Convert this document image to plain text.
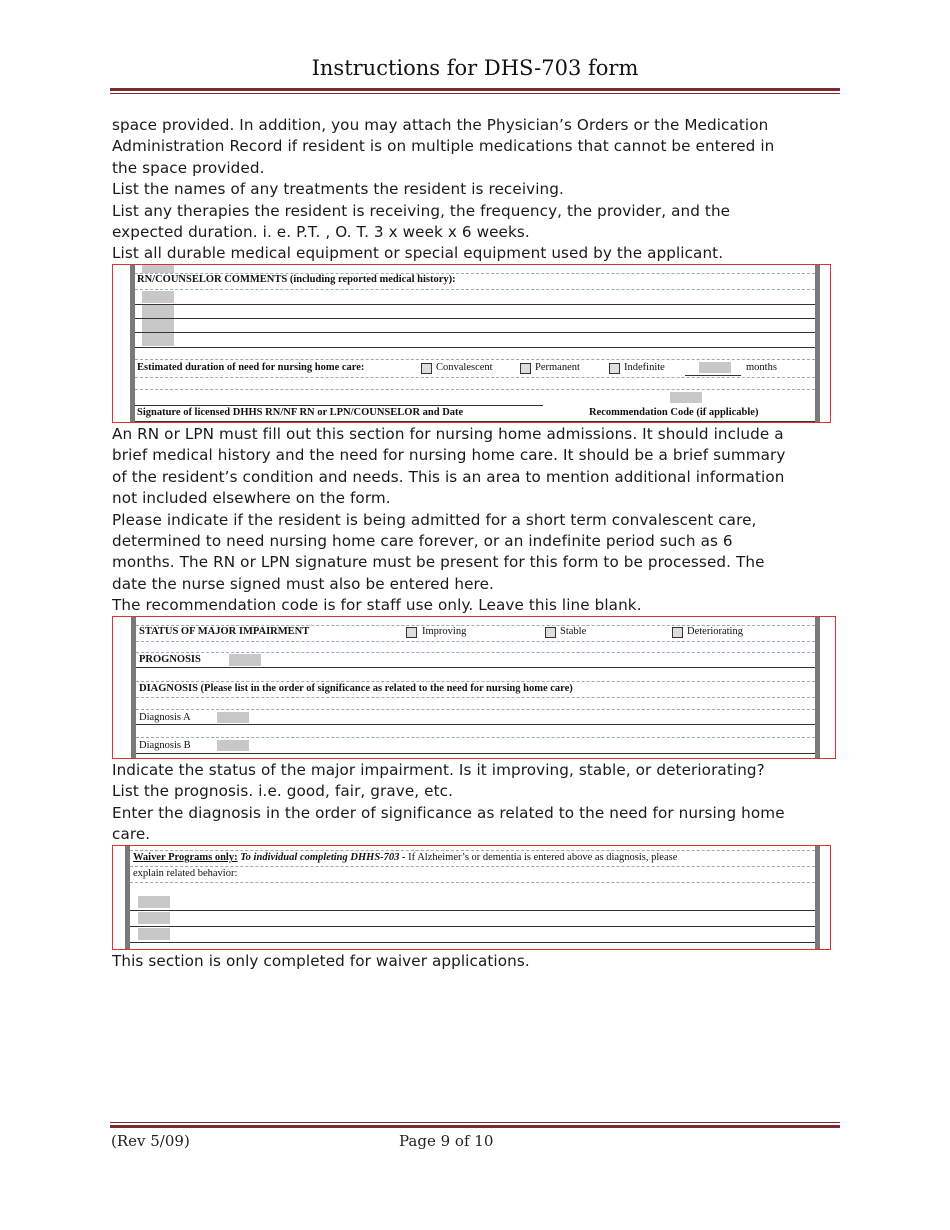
Instructions for DHS-703 form

space provided. In addition, you may attach the Physician’s Orders or the Medication

Administration Record if resident is on multiple medications that cannot be entered in

the space provided.

List the names of any treatments the resident is receiving.

List any therapies the resident is receiving, the frequency, the provider, and the

expected duration. i. e. P.T. , O. T. 3 x week x 6 weeks.

List all durable medical equipment or special equipment used by the applicant.

RN/COUNSELOR COMMENTS (including reported medical history):
Estimated duration of need for nursing home care:	Convalescent	Permanent	Indefinite	months
Signature of licensed DHHS RN/NF RN or LPN/COUNSELOR and Date	Recommendation Code (if applicable)

An RN or LPN must fill out this section for nursing home admissions. It should include a

brief medical history and the need for nursing home care. It should be a brief summary

of the resident’s condition and needs. This is an area to mention additional information

not included elsewhere on the form.

Please indicate if the resident is being admitted for a short term convalescent care,

determined to need nursing home care forever, or an indefinite period such as 6

months. The RN or LPN signature must be present for this form to be processed. The

date the nurse signed must also be entered here.

The recommendation code is for staff use only. Leave this line blank.

STATUS OF MAJOR IMPAIRMENT	Improving	Stable	Deteriorating
PROGNOSIS
DIAGNOSIS (Please list in the order of significance as related to the need for nursing home care)
Diagnosis A
Diagnosis B

Indicate the status of the major impairment. Is it improving, stable, or deteriorating?

List the prognosis. i.e. good, fair, grave, etc.

Enter the diagnosis in the order of significance as related to the need for nursing home

care.

Waiver Programs only: To individual completing DHHS-703 - If Alzheimer’s or dementia is entered above as diagnosis, please
explain related behavior:

This section is only completed for waiver applications.

(Rev 5/09)	Page 9 of 10
